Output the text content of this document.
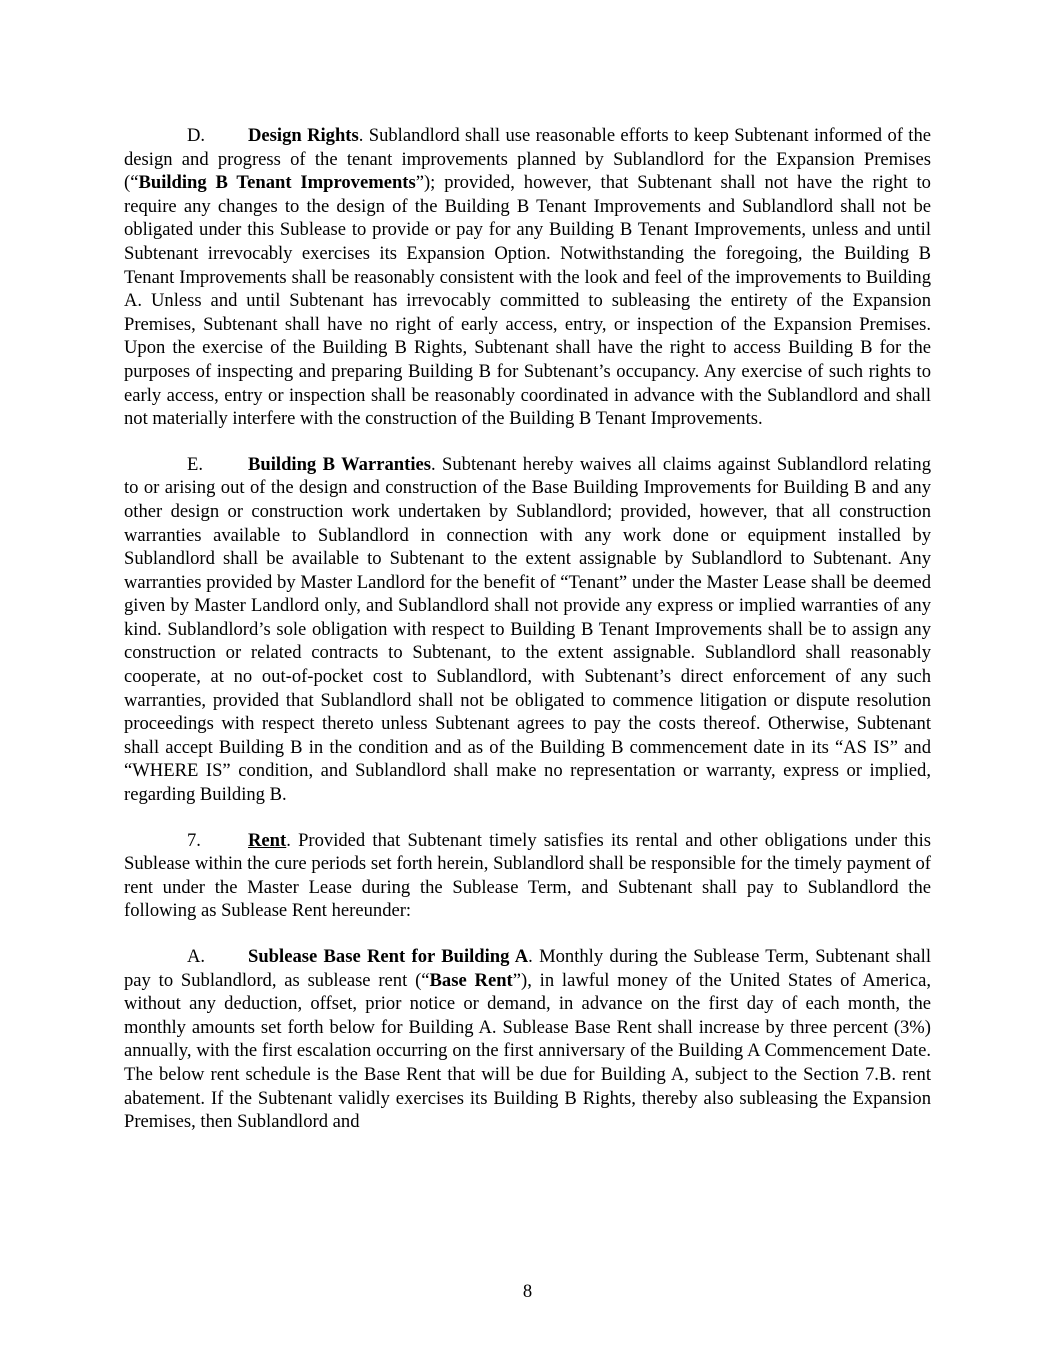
D. Design Rights. Sublandlord shall use reasonable efforts to keep Subtenant informed of the design and progress of the tenant improvements planned by Sublandlord for the Expansion Premises (“Building B Tenant Improvements”); provided, however, that Subtenant shall not have the right to require any changes to the design of the Building B Tenant Improvements and Sublandlord shall not be obligated under this Sublease to provide or pay for any Building B Tenant Improvements, unless and until Subtenant irrevocably exercises its Expansion Option. Notwithstanding the foregoing, the Building B Tenant Improvements shall be reasonably consistent with the look and feel of the improvements to Building A. Unless and until Subtenant has irrevocably committed to subleasing the entirety of the Expansion Premises, Subtenant shall have no right of early access, entry, or inspection of the Expansion Premises. Upon the exercise of the Building B Rights, Subtenant shall have the right to access Building B for the purposes of inspecting and preparing Building B for Subtenant’s occupancy. Any exercise of such rights to early access, entry or inspection shall be reasonably coordinated in advance with the Sublandlord and shall not materially interfere with the construction of the Building B Tenant Improvements.

E. Building B Warranties. Subtenant hereby waives all claims against Sublandlord relating to or arising out of the design and construction of the Base Building Improvements for Building B and any other design or construction work undertaken by Sublandlord; provided, however, that all construction warranties available to Sublandlord in connection with any work done or equipment installed by Sublandlord shall be available to Subtenant to the extent assignable by Sublandlord to Subtenant. Any warranties provided by Master Landlord for the benefit of “Tenant” under the Master Lease shall be deemed given by Master Landlord only, and Sublandlord shall not provide any express or implied warranties of any kind. Sublandlord’s sole obligation with respect to Building B Tenant Improvements shall be to assign any construction or related contracts to Subtenant, to the extent assignable. Sublandlord shall reasonably cooperate, at no out-of-pocket cost to Sublandlord, with Subtenant’s direct enforcement of any such warranties, provided that Sublandlord shall not be obligated to commence litigation or dispute resolution proceedings with respect thereto unless Subtenant agrees to pay the costs thereof. Otherwise, Subtenant shall accept Building B in the condition and as of the Building B commencement date in its “AS IS” and “WHERE IS” condition, and Sublandlord shall make no representation or warranty, express or implied, regarding Building B.

7.	Rent. Provided that Subtenant timely satisfies its rental and other obligations under this Sublease within the cure periods set forth herein, Sublandlord shall be responsible for the timely payment of rent under the Master Lease during the Sublease Term, and Subtenant shall pay to Sublandlord the following as Sublease Rent hereunder:

A. Sublease Base Rent for Building A. Monthly during the Sublease Term, Subtenant shall pay to Sublandlord, as sublease rent (“Base Rent”), in lawful money of the United States of America, without any deduction, offset, prior notice or demand, in advance on the first day of each month, the monthly amounts set forth below for Building A. Sublease Base Rent shall increase by three percent (3%) annually, with the first escalation occurring on the first anniversary of the Building A Commencement Date. The below rent schedule is the Base Rent that will be due for Building A, subject to the Section 7.B. rent abatement. If the Subtenant validly exercises its Building B Rights, thereby also subleasing the Expansion Premises, then Sublandlord and

8
